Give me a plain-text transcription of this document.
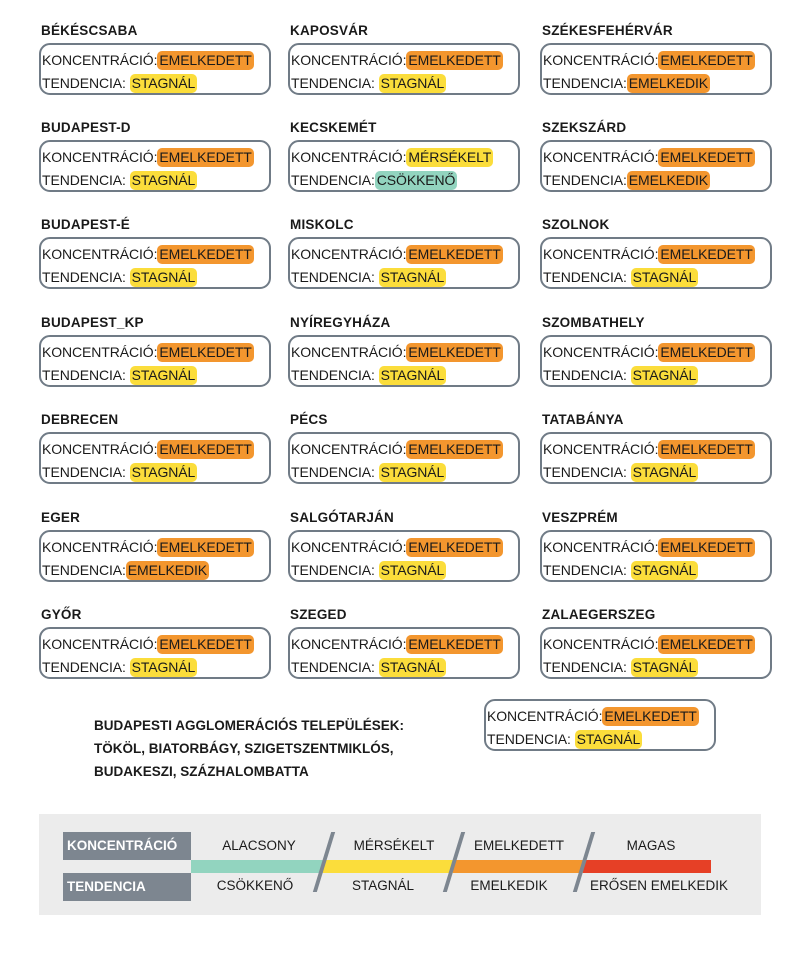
BÉKÉSCSABA
KONCENTRÁCIÓ: EMELKEDETT
TENDENCIA: STAGNÁL
KAPOSVÁR
KONCENTRÁCIÓ: EMELKEDETT
TENDENCIA: STAGNÁL
SZÉKESFEHÉRVÁR
KONCENTRÁCIÓ: EMELKEDETT
TENDENCIA: EMELKEDIK
BUDAPEST-D
KONCENTRÁCIÓ: EMELKEDETT
TENDENCIA: STAGNÁL
KECSKEMÉT
KONCENTRÁCIÓ: MÉRSÉKELT
TENDENCIA: CSÖKKENŐ
SZEKSZÁRD
KONCENTRÁCIÓ: EMELKEDETT
TENDENCIA: EMELKEDIK
BUDAPEST-É
KONCENTRÁCIÓ: EMELKEDETT
TENDENCIA: STAGNÁL
MISKOLC
KONCENTRÁCIÓ: EMELKEDETT
TENDENCIA: STAGNÁL
SZOLNOK
KONCENTRÁCIÓ: EMELKEDETT
TENDENCIA: STAGNÁL
BUDAPEST_KP
KONCENTRÁCIÓ: EMELKEDETT
TENDENCIA: STAGNÁL
NYÍREGYHÁZA
KONCENTRÁCIÓ: EMELKEDETT
TENDENCIA: STAGNÁL
SZOMBATHELY
KONCENTRÁCIÓ: EMELKEDETT
TENDENCIA: STAGNÁL
DEBRECEN
KONCENTRÁCIÓ: EMELKEDETT
TENDENCIA: STAGNÁL
PÉCS
KONCENTRÁCIÓ: EMELKEDETT
TENDENCIA: STAGNÁL
TATABÁNYA
KONCENTRÁCIÓ: EMELKEDETT
TENDENCIA: STAGNÁL
EGER
KONCENTRÁCIÓ: EMELKEDETT
TENDENCIA: EMELKEDIK
SALGÓTARJÁN
KONCENTRÁCIÓ: EMELKEDETT
TENDENCIA: STAGNÁL
VESZPRÉM
KONCENTRÁCIÓ: EMELKEDETT
TENDENCIA: STAGNÁL
GYŐR
KONCENTRÁCIÓ: EMELKEDETT
TENDENCIA: STAGNÁL
SZEGED
KONCENTRÁCIÓ: EMELKEDETT
TENDENCIA: STAGNÁL
ZALAEGERSZEG
KONCENTRÁCIÓ: EMELKEDETT
TENDENCIA: STAGNÁL
BUDAPESTI AGGLOMERÁCIÓS TELEPÜLÉSEK:
TÖKÖL, BIATORBÁGY, SZIGETSZENTMIKLÓS,
BUDAKESZI, SZÁZHALOMBATTA
KONCENTRÁCIÓ: EMELKEDETT
TENDENCIA: STAGNÁL
KONCENTRÁCIÓ
TENDENCIA
ALACSONY	MÉRSÉKELT	EMELKEDETT	MAGAS
CSÖKKENŐ	STAGNÁL	EMELKEDIK	ERŐSEN EMELKEDIK
